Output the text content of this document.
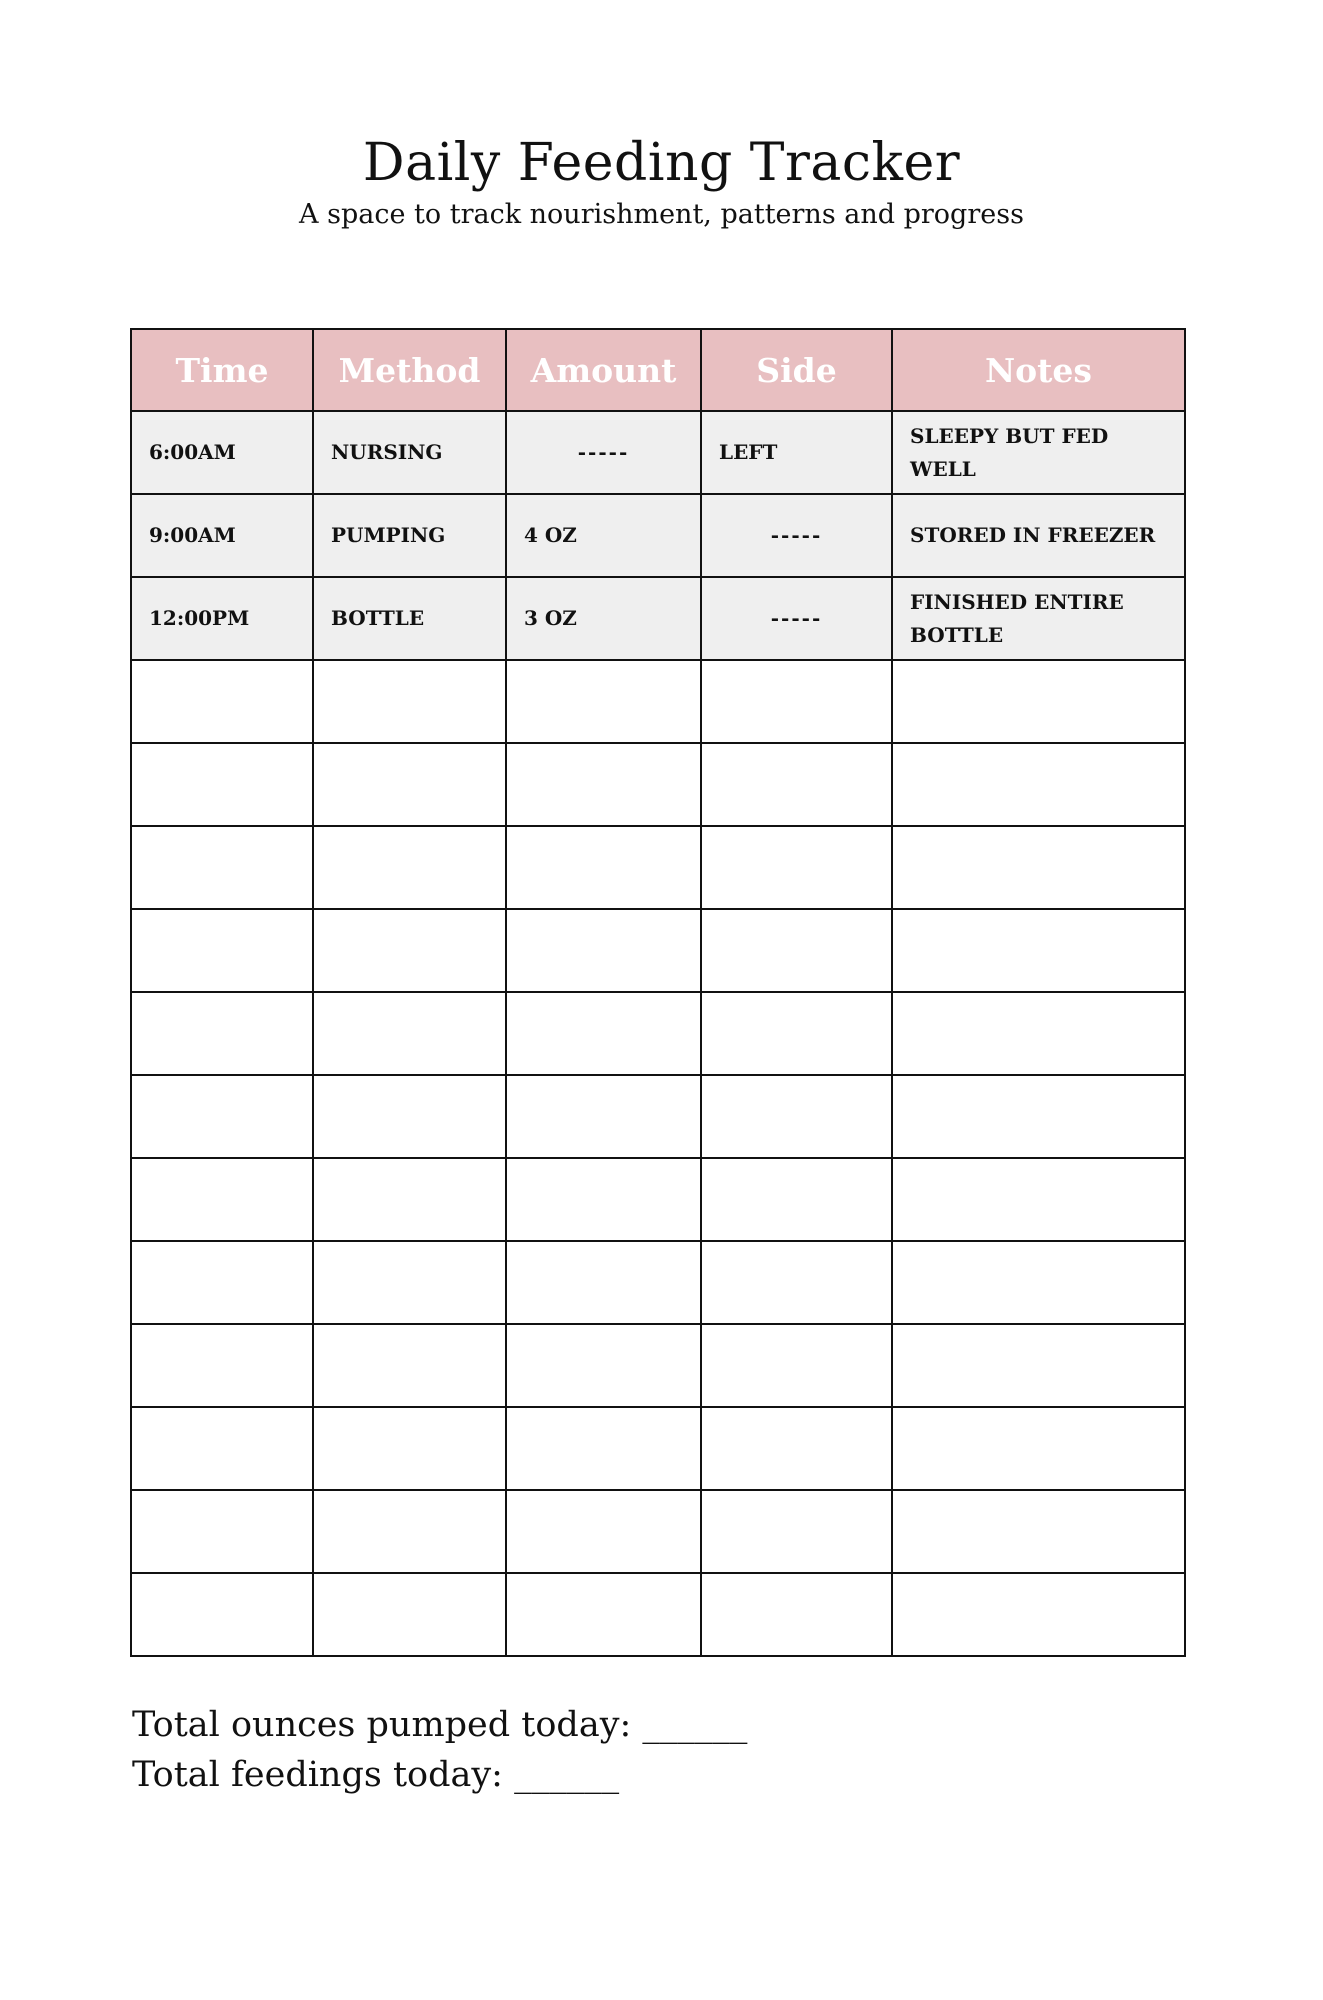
Daily Feeding Tracker

A space to track nourishment, patterns and progress

Time	Method	Amount	Side	Notes
6:00AM	NURSING	-----	LEFT	SLEEPY BUT FED WELL
9:00AM	PUMPING	4 OZ	-----	STORED IN FREEZER
12:00PM	BOTTLE	3 OZ	-----	FINISHED ENTIRE BOTTLE

Total ounces pumped today: ______
Total feedings today: ______
